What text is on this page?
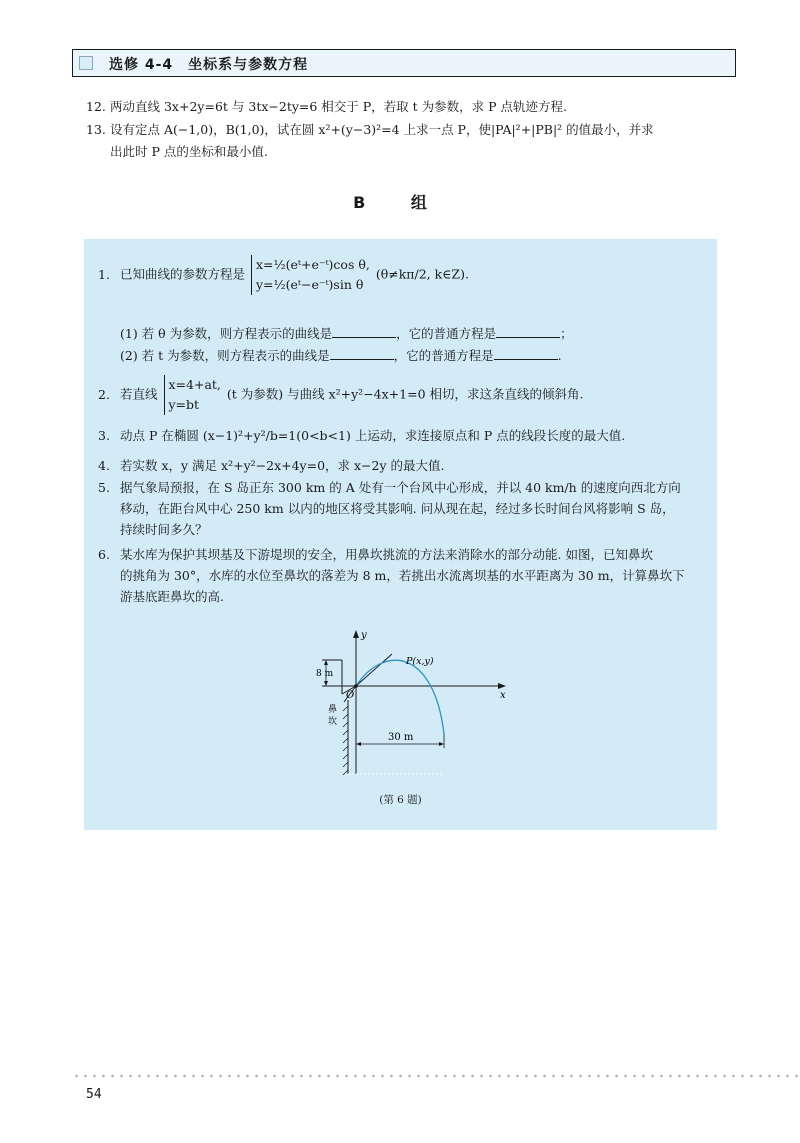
选修 4-4　坐标系与参数方程
12. 两动直线 3x+2y=6t 与 3tx−2ty=6 相交于 P，若取 t 为参数，求 P 点轨迹方程.
13. 设有定点 A(−1,0)，B(1,0)，试在圆 x²+(y−3)²=4 上求一点 P，使|PA|²+|PB|² 的值最小，并求
出此时 P 点的坐标和最小值.
B 组
1. 已知曲线的参数方程是 x=½(eᵗ+e⁻ᵗ)cos θ,
y=½(eᵗ−e⁻ᵗ)sin θ (θ≠kπ/2, k∈Z).
(1) 若 θ 为参数，则方程表示的曲线是	，它的普通方程是	；
(2) 若 t 为参数，则方程表示的曲线是	，它的普通方程是	.
2. 若直线 x=4+at,
y=bt (t 为参数) 与曲线 x²+y²−4x+1=0 相切，求这条直线的倾斜角.
3. 动点 P 在椭圆 (x−1)²+y²/b=1(0<b<1) 上运动，求连接原点和 P 点的线段长度的最大值.
4. 若实数 x，y 满足 x²+y²−2x+4y=0，求 x−2y 的最大值.
5. 据气象局预报，在 S 岛正东 300 km 的 A 处有一个台风中心形成，并以 40 km/h 的速度向西北方向
移动，在距台风中心 250 km 以内的地区将受其影响. 问从现在起，经过多长时间台风将影响 S 岛，
持续时间多久？
6. 某水库为保护其坝基及下游堤坝的安全，用鼻坎挑流的方法来消除水的部分动能. 如图，已知鼻坎
的挑角为 30°，水库的水位至鼻坎的落差为 8 m，若挑出水流离坝基的水平距离为 30 m，计算鼻坎下
游基底距鼻坎的高.
y
x
8 m
O
P(x,y)
鼻
坎
30 m
(第 6 题)
54
